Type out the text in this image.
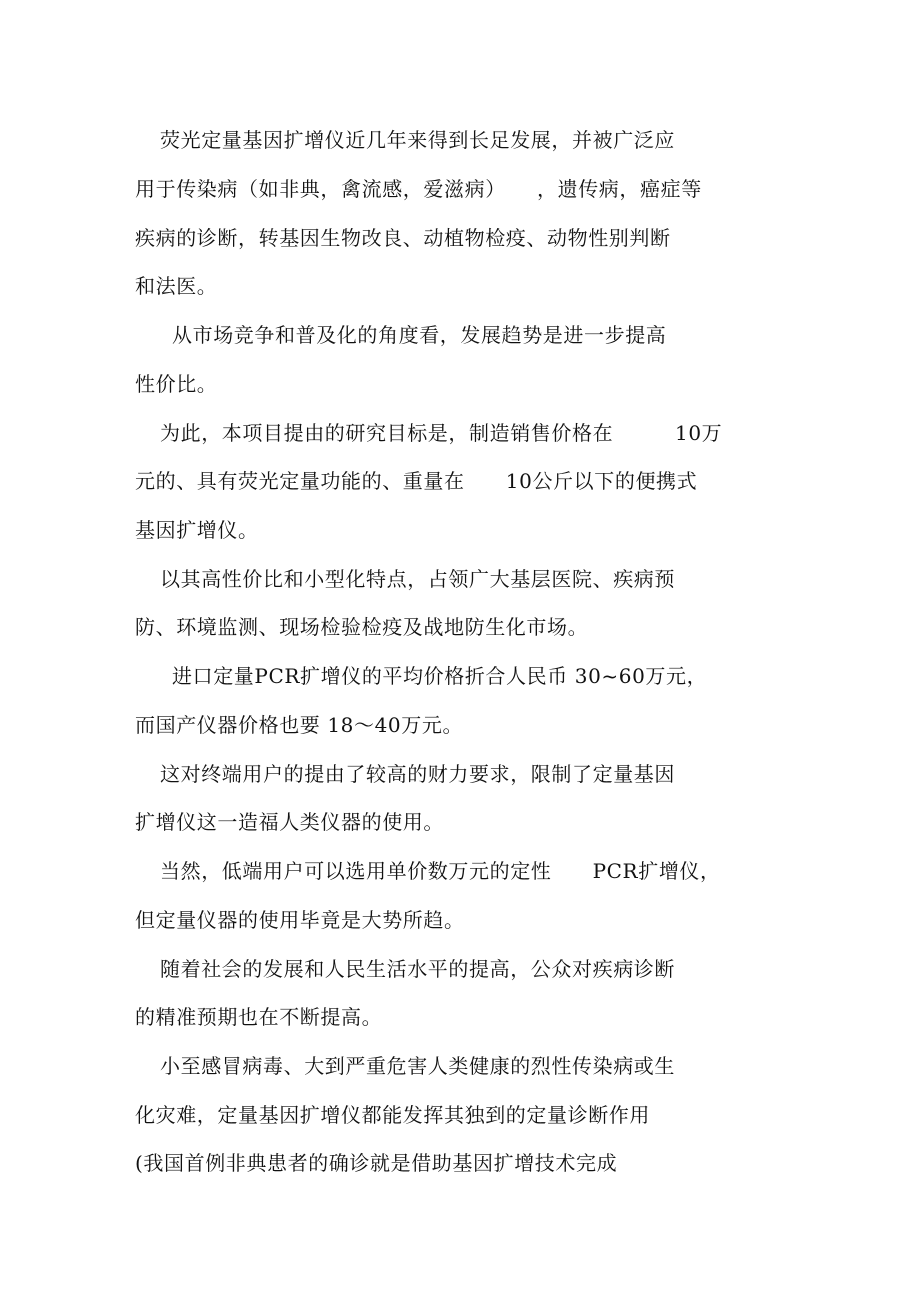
荧光定量基因扩增仪近几年来得到长足发展，并被广泛应
用于传染病（如非典，禽流感，爱滋病）　　，遗传病，癌症等
疾病的诊断，转基因生物改良、动植物检疫、动物性别判断
和法医。
从市场竞争和普及化的角度看，发展趋势是进一步提高
性价比。
为此，本项目提由的研究目标是，制造销售价格在　　　10万
元的、具有荧光定量功能的、重量在　　10公斤以下的便携式
基因扩增仪。
以其高性价比和小型化特点，占领广大基层医院、疾病预
防、环境监测、现场检验检疫及战地防生化市场。
进口定量PCR扩增仪的平均价格折合人民币 30~60万元，
而国产仪器价格也要 18～40万元。
这对终端用户的提由了较高的财力要求，限制了定量基因
扩增仪这一造福人类仪器的使用。
当然，低端用户可以选用单价数万元的定性　　PCR扩增仪，
但定量仪器的使用毕竟是大势所趋。
随着社会的发展和人民生活水平的提高，公众对疾病诊断
的精准预期也在不断提高。
小至感冒病毒、大到严重危害人类健康的烈性传染病或生
化灾难，定量基因扩增仪都能发挥其独到的定量诊断作用
(我国首例非典患者的确诊就是借助基因扩增技术完成
